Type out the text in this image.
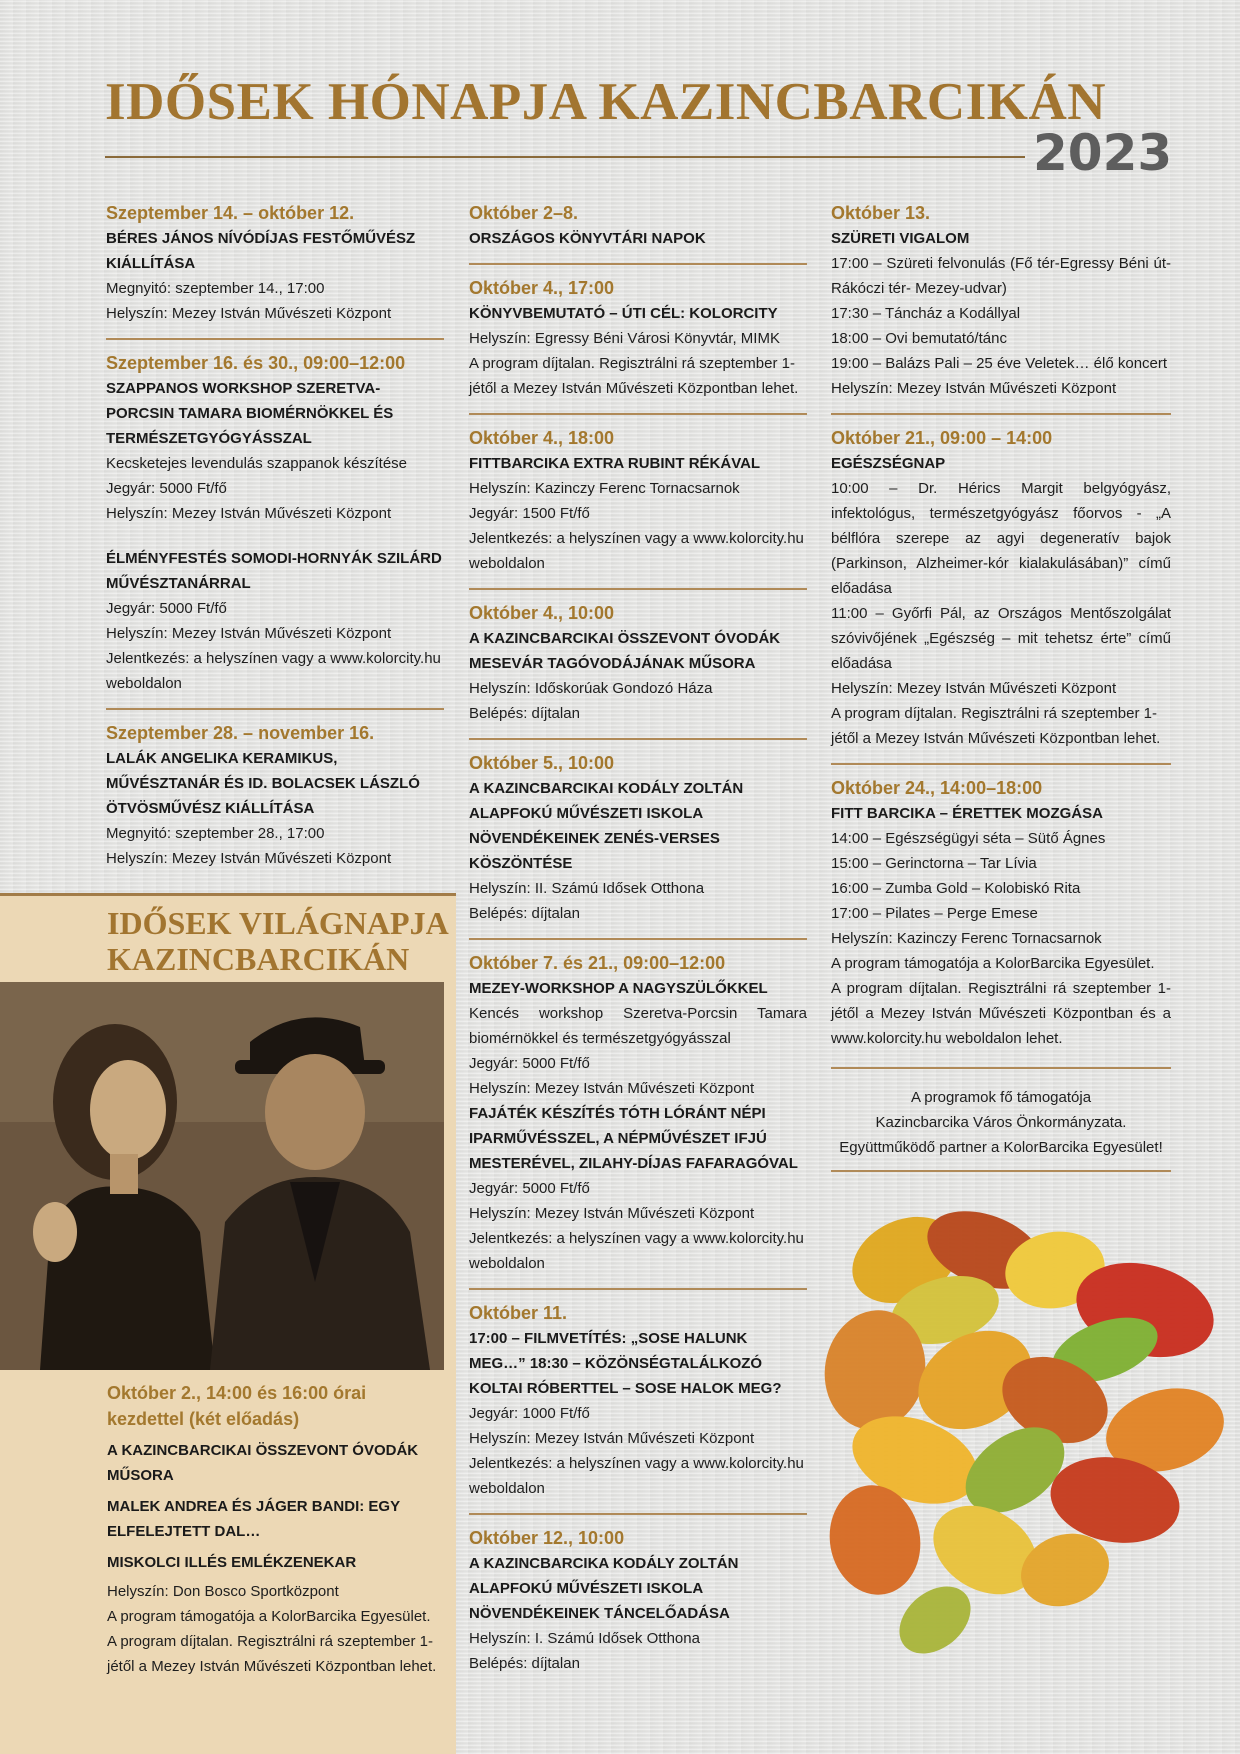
IDŐSEK HÓNAPJA KAZINCBARCIKÁN
2023
Szeptember 14. – október 12.
BÉRES JÁNOS NÍVÓDÍJAS FESTŐMŰVÉSZ KIÁLLÍTÁSA
Megnyitó: szeptember 14., 17:00
Helyszín: Mezey István Művészeti Központ
Szeptember 16. és 30., 09:00–12:00
SZAPPANOS WORKSHOP SZERETVA-PORCSIN TAMARA BIOMÉRNÖKKEL ÉS TERMÉSZETGYÓGYÁSSZAL
Kecsketejes levendulás szappanok készítése
Jegyár: 5000 Ft/fő
Helyszín: Mezey István Művészeti Központ
ÉLMÉNYFESTÉS SOMODI-HORNYÁK SZILÁRD MŰVÉSZTANÁRRAL
Jegyár: 5000 Ft/fő
Helyszín: Mezey István Művészeti Központ
Jelentkezés: a helyszínen vagy a www.kolorcity.hu weboldalon
Szeptember 28. – november 16.
LALÁK ANGELIKA KERAMIKUS, MŰVÉSZTANÁR ÉS ID. BOLACSEK LÁSZLÓ ÖTVÖSMŰVÉSZ KIÁLLÍTÁSA
Megnyitó: szeptember 28., 17:00
Helyszín: Mezey István Művészeti Központ
IDŐSEK VILÁGNAPJA
KAZINCBARCIKÁN
Október 2., 14:00 és 16:00 órai kezdettel (két előadás)
A KAZINCBARCIKAI ÖSSZEVONT ÓVODÁK MŰSORA
MALEK ANDREA ÉS JÁGER BANDI: EGY ELFELEJTETT DAL…
MISKOLCI ILLÉS EMLÉKZENEKAR
Helyszín: Don Bosco Sportközpont
A program támogatója a KolorBarcika Egyesület.
A program díjtalan. Regisztrálni rá szeptember 1-jétől a Mezey István Művészeti Központban lehet.
Október 2–8.
ORSZÁGOS KÖNYVTÁRI NAPOK
Október 4., 17:00
KÖNYVBEMUTATÓ – ÚTI CÉL: KOLORCITY
Helyszín: Egressy Béni Városi Könyvtár, MIMK
A program díjtalan. Regisztrálni rá szeptember 1-jétől a Mezey István Művészeti Központban lehet.
Október 4., 18:00
FITTBARCIKA EXTRA RUBINT RÉKÁVAL
Helyszín: Kazinczy Ferenc Tornacsarnok
Jegyár: 1500 Ft/fő
Jelentkezés: a helyszínen vagy a www.kolorcity.hu weboldalon
Október 4., 10:00
A KAZINCBARCIKAI ÖSSZEVONT ÓVODÁK MESEVÁR TAGÓVODÁJÁNAK MŰSORA
Helyszín: Időskorúak Gondozó Háza
Belépés: díjtalan
Október 5., 10:00
A KAZINCBARCIKAI KODÁLY ZOLTÁN ALAPFOKÚ MŰVÉSZETI ISKOLA NÖVENDÉKEINEK ZENÉS-VERSES KÖSZÖNTÉSE
Helyszín: II. Számú Idősek Otthona
Belépés: díjtalan
Október 7. és 21., 09:00–12:00
MEZEY-WORKSHOP A NAGYSZÜLŐKKEL
Kencés workshop Szeretva-Porcsin Tamara biomérnökkel és természetgyógyásszal
Jegyár: 5000 Ft/fő
Helyszín: Mezey István Művészeti Központ
FAJÁTÉK KÉSZÍTÉS TÓTH LÓRÁNT NÉPI IPARMŰVÉSSZEL, A NÉPMŰVÉSZET IFJÚ MESTERÉVEL, ZILAHY-DÍJAS FAFARAGÓVAL
Jegyár: 5000 Ft/fő
Helyszín: Mezey István Művészeti Központ
Jelentkezés: a helyszínen vagy a www.kolorcity.hu weboldalon
Október 11.
17:00 – FILMVETÍTÉS: „SOSE HALUNK MEG…” 18:30 – KÖZÖNSÉGTALÁLKOZÓ KOLTAI RÓBERTTEL – SOSE HALOK MEG?
Jegyár: 1000 Ft/fő
Helyszín: Mezey István Művészeti Központ
Jelentkezés: a helyszínen vagy a www.kolorcity.hu weboldalon
Október 12., 10:00
A KAZINCBARCIKA KODÁLY ZOLTÁN ALAPFOKÚ MŰVÉSZETI ISKOLA NÖVENDÉKEINEK TÁNCELŐADÁSA
Helyszín: I. Számú Idősek Otthona
Belépés: díjtalan
Október 13.
SZÜRETI VIGALOM
17:00 – Szüreti felvonulás (Fő tér-Egressy Béni út-Rákóczi tér- Mezey-udvar)
17:30 – Táncház a Kodállyal
18:00 – Ovi bemutató/tánc
19:00 – Balázs Pali – 25 éve Veletek… élő koncert
Helyszín: Mezey István Művészeti Központ
Október 21., 09:00 – 14:00
EGÉSZSÉGNAP
10:00 – Dr. Hérics Margit belgyógyász, infektológus, természetgyógyász főorvos - „A bélflóra szerepe az agyi degeneratív bajok (Parkinson, Alzheimer-kór kialakulásában)” című előadása
11:00 – Győrfi Pál, az Országos Mentőszolgálat szóvivőjének „Egészség – mit tehetsz érte” című előadása
Helyszín: Mezey István Művészeti Központ
A program díjtalan. Regisztrálni rá szeptember 1-jétől a Mezey István Művészeti Központban lehet.
Október 24., 14:00–18:00
FITT BARCIKA – ÉRETTEK MOZGÁSA
14:00 – Egészségügyi séta – Sütő Ágnes
15:00 – Gerinctorna – Tar Lívia
16:00 – Zumba Gold – Kolobiskó Rita
17:00 – Pilates – Perge Emese
Helyszín: Kazinczy Ferenc Tornacsarnok
A program támogatója a KolorBarcika Egyesület.
A program díjtalan. Regisztrálni rá szeptember 1-jétől a Mezey István Művészeti Központban és a www.kolorcity.hu weboldalon lehet.
A programok fő támogatója
Kazincbarcika Város Önkormányzata.
Együttműködő partner a KolorBarcika Egyesület!
